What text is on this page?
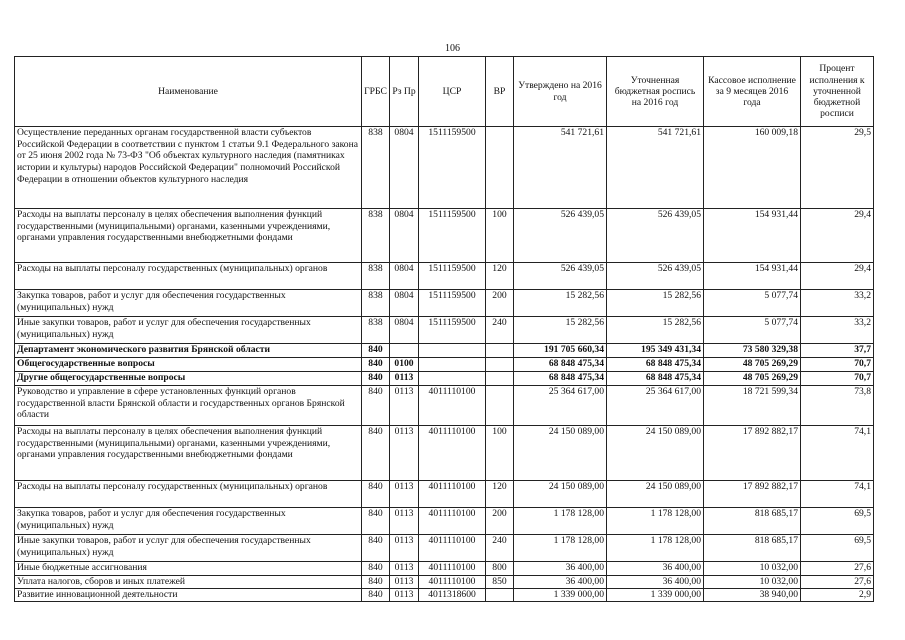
106
Наименование	ГРБС	Рз Пр	ЦСР	ВР	Утверждено на 2016 год	Уточненная бюджетная роспись на 2016 год	Кассовое исполнение за 9 месяцев 2016 года	Процент исполнения к уточненной бюджетной росписи
Осуществление переданных органам государственной власти субъектов Российской Федерации в соответствии с пунктом 1 статьи 9.1 Федерального закона от 25 июня 2002 года № 73-ФЗ "Об объектах культурного наследия (памятниках истории и культуры) народов Российской Федерации" полномочий Российской Федерации в отношении объектов культурного наследия	838	0804	1511159500		541 721,61	541 721,61	160 009,18	29,5
Расходы на выплаты персоналу в целях обеспечения выполнения функций государственными (муниципальными) органами, казенными учреждениями, органами управления государственными внебюджетными фондами	838	0804	1511159500	100	526 439,05	526 439,05	154 931,44	29,4
Расходы на выплаты персоналу государственных (муниципальных) органов	838	0804	1511159500	120	526 439,05	526 439,05	154 931,44	29,4
Закупка товаров, работ и услуг для обеспечения государственных (муниципальных) нужд	838	0804	1511159500	200	15 282,56	15 282,56	5 077,74	33,2
Иные закупки товаров, работ и услуг для обеспечения государственных (муниципальных) нужд	838	0804	1511159500	240	15 282,56	15 282,56	5 077,74	33,2
Департамент экономического развития Брянской области	840				191 705 660,34	195 349 431,34	73 580 329,38	37,7
Общегосударственные вопросы	840	0100			68 848 475,34	68 848 475,34	48 705 269,29	70,7
Другие общегосударственные вопросы	840	0113			68 848 475,34	68 848 475,34	48 705 269,29	70,7
Руководство и управление в сфере установленных функций органов государственной власти Брянской области и государственных органов Брянской области	840	0113	4011110100		25 364 617,00	25 364 617,00	18 721 599,34	73,8
Расходы на выплаты персоналу в целях обеспечения выполнения функций государственными (муниципальными) органами, казенными учреждениями, органами управления государственными внебюджетными фондами	840	0113	4011110100	100	24 150 089,00	24 150 089,00	17 892 882,17	74,1
Расходы на выплаты персоналу государственных (муниципальных) органов	840	0113	4011110100	120	24 150 089,00	24 150 089,00	17 892 882,17	74,1
Закупка товаров, работ и услуг для обеспечения государственных (муниципальных) нужд	840	0113	4011110100	200	1 178 128,00	1 178 128,00	818 685,17	69,5
Иные закупки товаров, работ и услуг для обеспечения государственных (муниципальных) нужд	840	0113	4011110100	240	1 178 128,00	1 178 128,00	818 685,17	69,5
Иные бюджетные ассигнования	840	0113	4011110100	800	36 400,00	36 400,00	10 032,00	27,6
Уплата налогов, сборов и иных платежей	840	0113	4011110100	850	36 400,00	36 400,00	10 032,00	27,6
Развитие инновационной деятельности	840	0113	4011318600		1 339 000,00	1 339 000,00	38 940,00	2,9
